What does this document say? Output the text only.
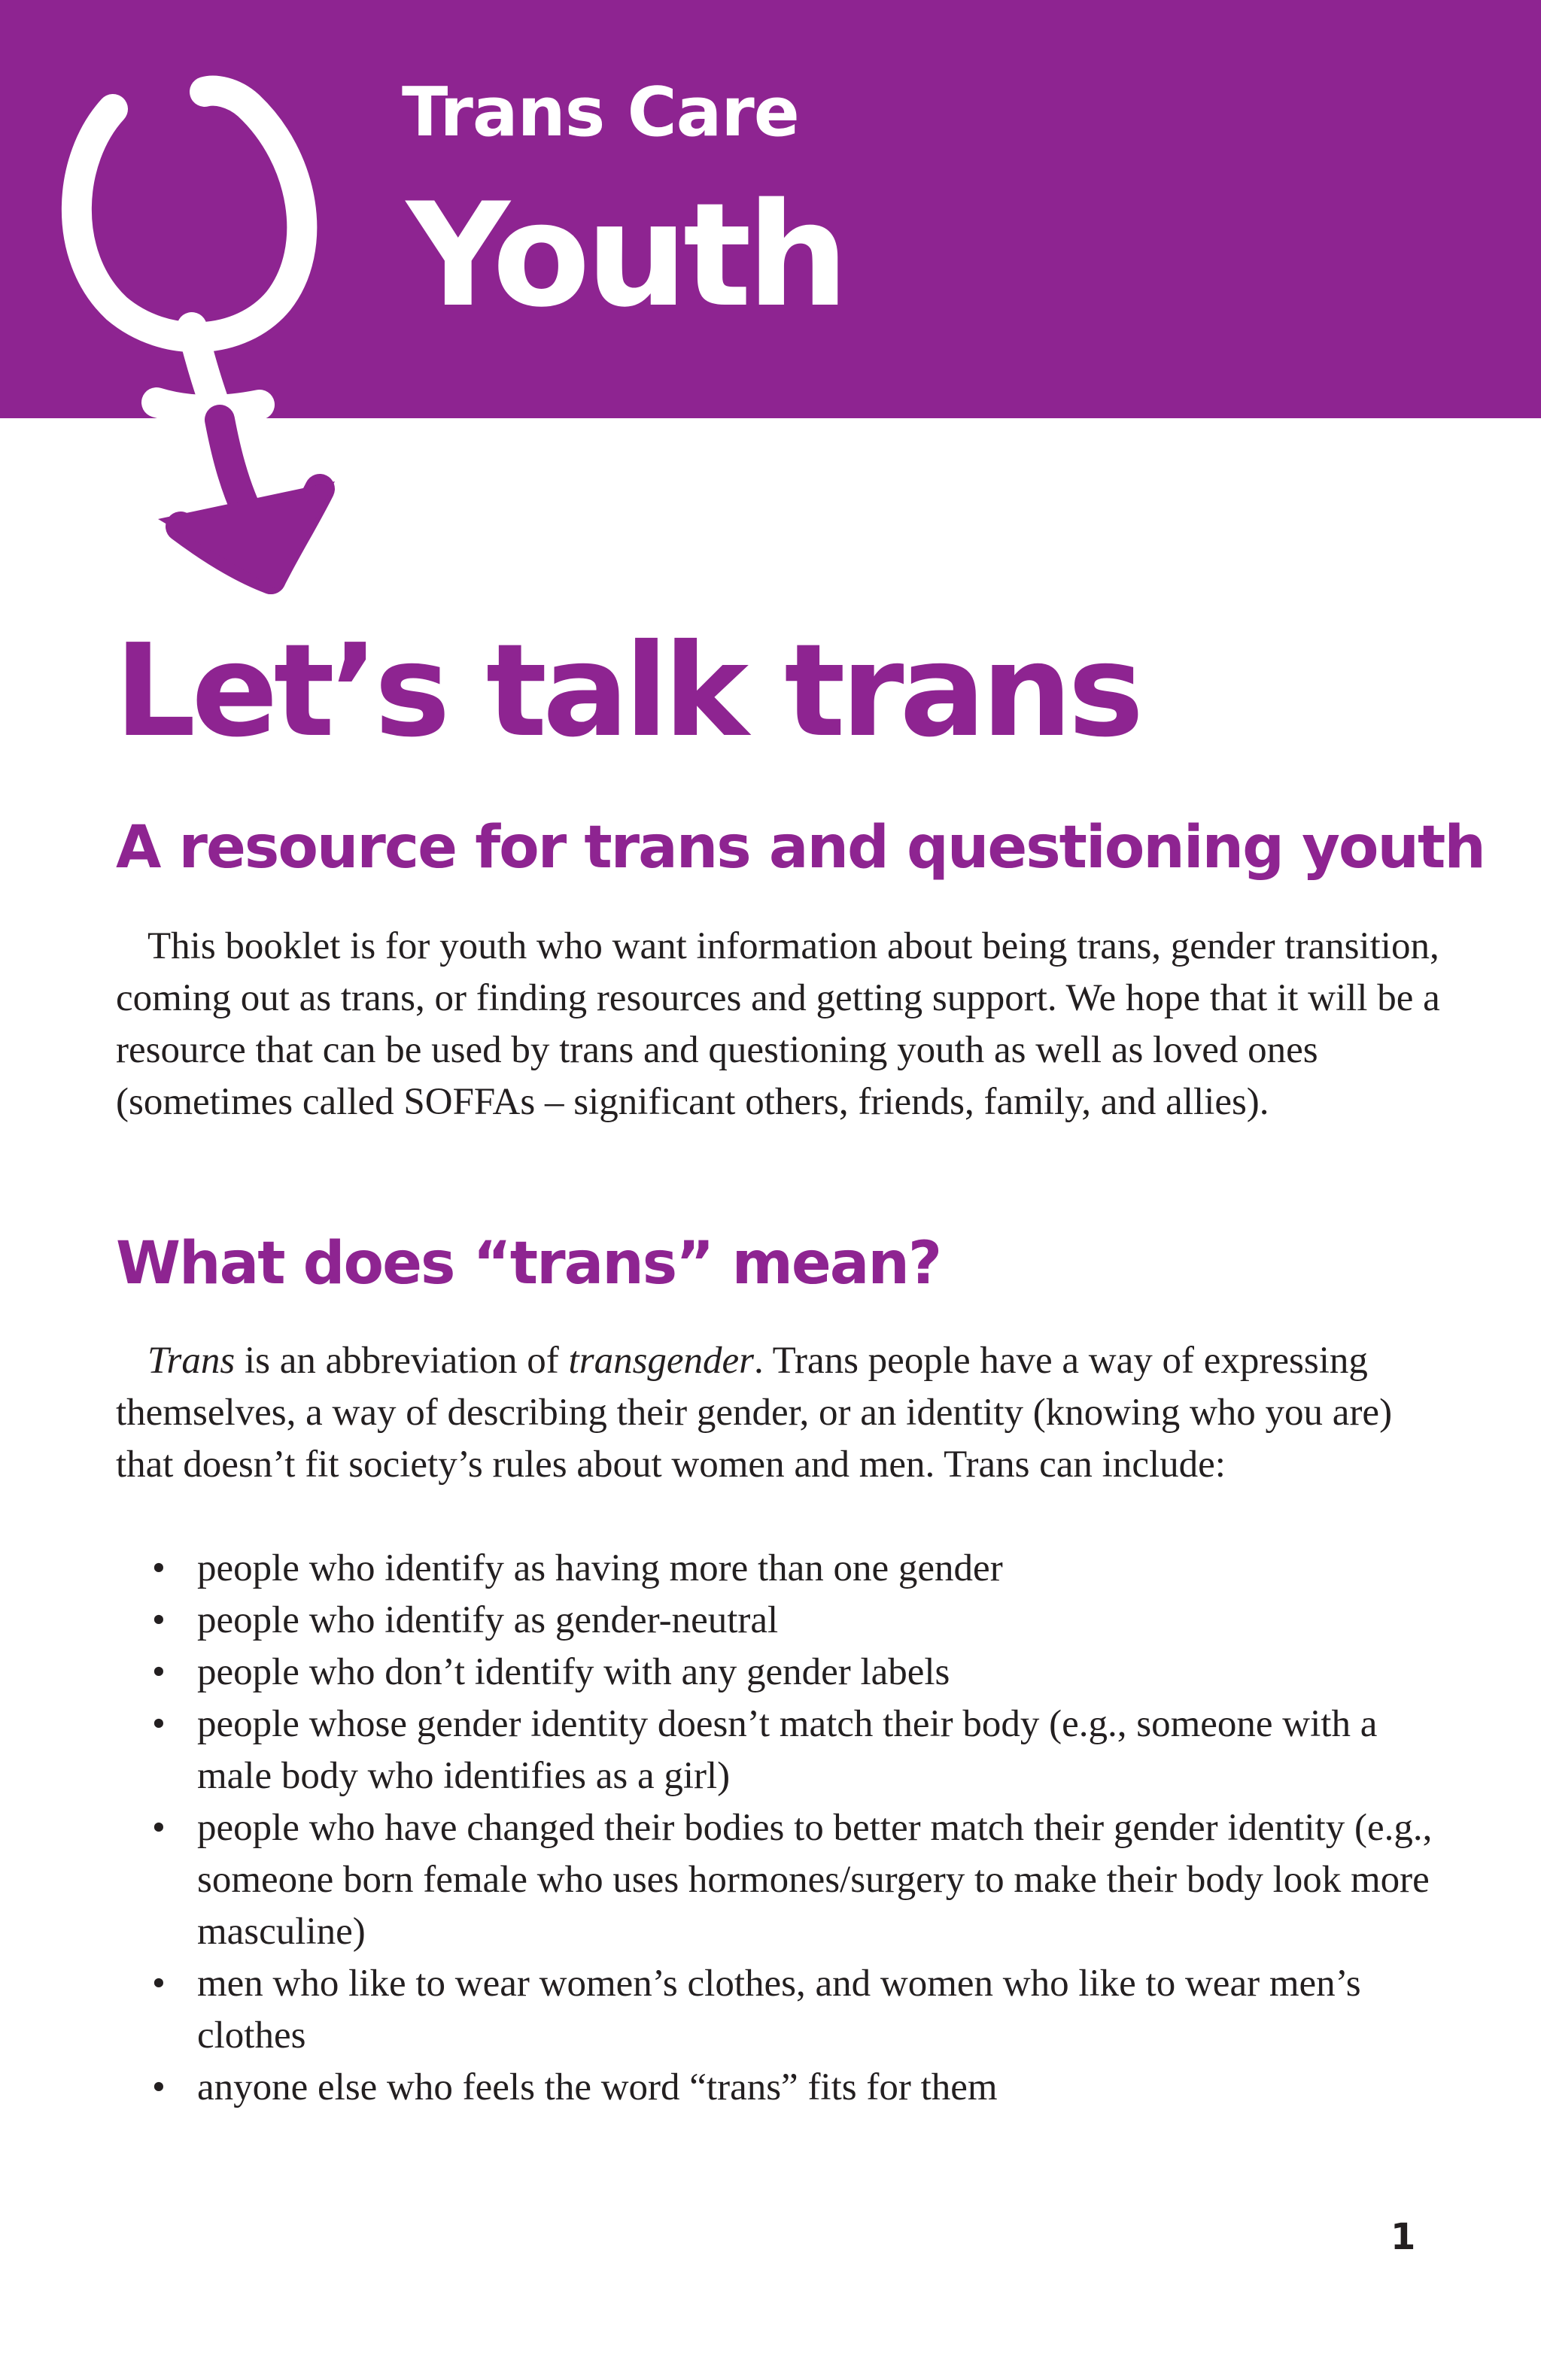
Trans Care

Youth

Let’s talk trans
A resource for trans and questioning youth

This booklet is for youth who want information about being trans, gender transition, coming out as trans, or finding resources and getting support. We hope that it will be a resource that can be used by trans and questioning youth as well as loved ones (sometimes called SOFFAs – significant others, friends, family, and allies).

What does “trans” mean?

Trans is an abbreviation of transgender. Trans people have a way of expressing themselves, a way of describing their gender, or an identity (knowing who you are) that doesn’t fit society’s rules about women and men. Trans can include:

• people who identify as having more than one gender
• people who identify as gender-neutral
• people who don’t identify with any gender labels
• people whose gender identity doesn’t match their body (e.g., someone with a male body who identifies as a girl)
• people who have changed their bodies to better match their gender identity (e.g., someone born female who uses hormones/surgery to make their body look more masculine)
• men who like to wear women’s clothes, and women who like to wear men’s clothes
• anyone else who feels the word “trans” fits for them

1
